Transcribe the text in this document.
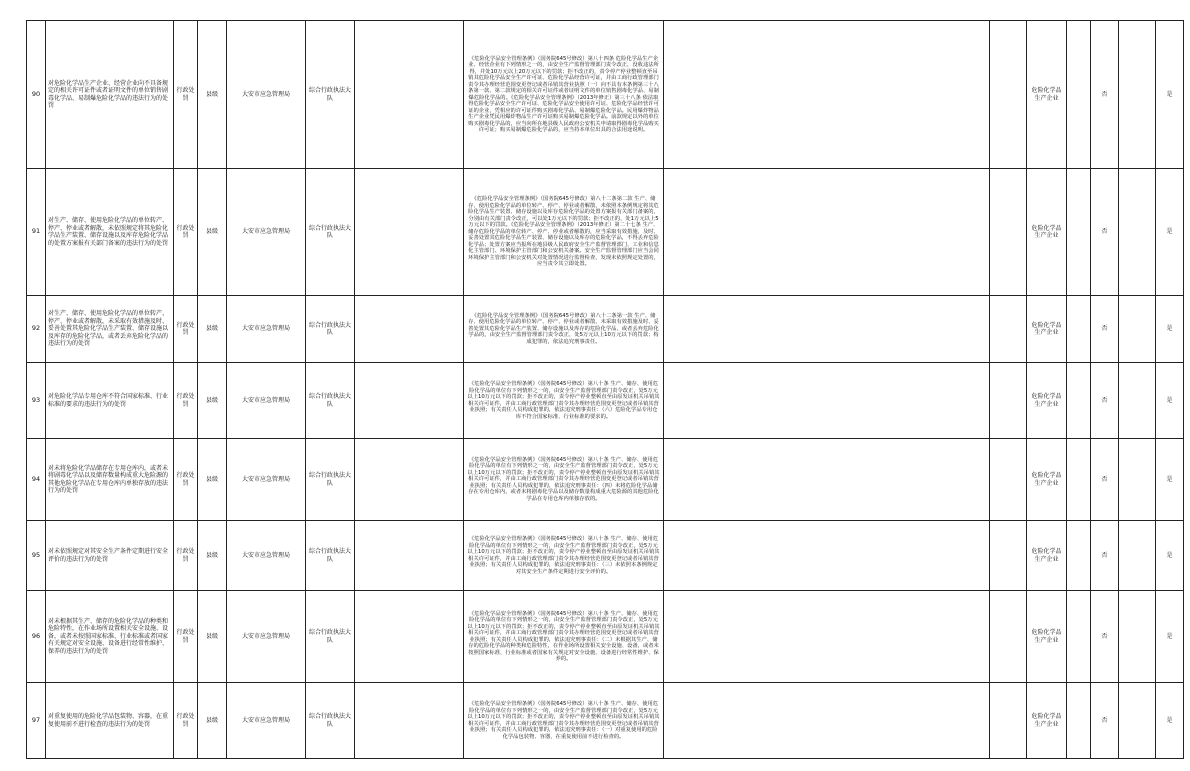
90	对危险化学品生产企业、经营企业向不具备规定的相关许可证件或者证明文件的单位销售剧毒化学品、易制爆危险化学品的违法行为的处罚	行政处罚	县级	大安市应急管理局	综合行政执法大队		《危险化学品安全管理条例》（国务院645号修改）第八十四条 危险化学品生产企业、经营企业有下列情形之一的，由安全生产监督管理部门责令改正，没收违法所得，并处10万元以上20万元以下的罚款；拒不改正的，责令停产停业整顿直至吊销其危险化学品安全生产许可证、危险化学品经营许可证，并由工商行政管理部门责令其办理经营范围变更登记或者吊销其营业执照（一）向不具有本条例第三十八条第一款、第二款规定的相关许可证件或者证明文件的单位销售剧毒化学品、易制爆危险化学品的。《危险化学品安全管理条例》（2013年修正）第三十八条 依法取得危险化学品安全生产许可证、危险化学品安全使用许可证、危险化学品经营许可证的企业，凭相应的许可证件购买剧毒化学品、易制爆危险化学品。民用爆炸物品生产企业凭民用爆炸物品生产许可证购买易制爆危险化学品。前款规定以外的单位购买剧毒化学品的，应当向所在地县级人民政府公安机关申请取得剧毒化学品购买许可证；购买易制爆危险化学品的，应当持本单位出具的合法用途说明。			危险化学品生产企业		否		是
91	对生产、储存、使用危险化学品的单位转产、停产、停业或者解散，未依照规定将其危险化学品生产装置、储存设施以及库存危险化学品的处置方案报有关部门备案的违法行为的处罚	行政处罚	县级	大安市应急管理局	综合行政执法大队		《危险化学品安全管理条例》（国务院645号修改）第八十二条第二款 生产、储存、使用危险化学品的单位转产、停产、停业或者解散，未依照本条例规定将其危险化学品生产装置、储存设施以及库存危险化学品的处置方案报有关部门备案的，分别由有关部门责令改正，可以处1万元以下的罚款；拒不改正的，处1万元以上5万元以下的罚款。《危险化学品安全管理条例》（2013年修正）第二十七条 生产、储存危险化学品的单位转产、停产、停业或者解散的，应当采取有效措施，及时、妥善处置其危险化学品生产装置、储存设施以及库存的危险化学品，不得丢弃危险化学品；处置方案应当报所在地县级人民政府安全生产监督管理部门、工业和信息化主管部门、环境保护主管部门和公安机关备案。安全生产监督管理部门应当会同环境保护主管部门和公安机关对处置情况进行监督检查，发现未依照规定处置的，应当责令其立即处置。			危险化学品生产企业		否		是
92	对生产、储存、使用危险化学品的单位转产、停产、停业或者解散，未采取有效措施及时、妥善处置其危险化学品生产装置、储存设施以及库存的危险化学品，或者丢弃危险化学品的违法行为的处罚	行政处罚	县级	大安市应急管理局	综合行政执法大队		《危险化学品安全管理条例》（国务院645号修改）第八十二条第一款 生产、储存、使用危险化学品的单位转产、停产、停业或者解散，未采取有效措施及时、妥善处置其危险化学品生产装置、储存设施以及库存的危险化学品，或者丢弃危险化学品的，由安全生产监督管理部门责令改正，处5万元以上10万元以下的罚款；构成犯罪的，依法追究刑事责任。			危险化学品生产企业		否		是
93	对危险化学品专用仓库不符合国家标准、行业标准的要求的违法行为的处罚	行政处罚	县级	大安市应急管理局	综合行政执法大队		《危险化学品安全管理条例》（国务院645号修改）第八十条 生产、储存、使用危险化学品的单位有下列情形之一的，由安全生产监督管理部门责令改正，处5万元以上10万元以下的罚款；拒不改正的，责令停产停业整顿直至由原发证机关吊销其相关许可证件，并由工商行政管理部门责令其办理经营范围变更登记或者吊销其营业执照；有关责任人员构成犯罪的，依法追究刑事责任：（六）危险化学品专用仓库不符合国家标准、行业标准的要求的。			危险化学品生产企业		否		是
94	对未将危险化学品储存在专用仓库内，或者未将剧毒化学品以及储存数量构成重大危险源的其他危险化学品在专用仓库内单独存放的违法行为的处罚	行政处罚	县级	大安市应急管理局	综合行政执法大队		《危险化学品安全管理条例》（国务院645号修改）第八十条 生产、储存、使用危险化学品的单位有下列情形之一的，由安全生产监督管理部门责令改正，处5万元以上10万元以下的罚款；拒不改正的，责令停产停业整顿直至由原发证机关吊销其相关许可证件，并由工商行政管理部门责令其办理经营范围变更登记或者吊销其营业执照；有关责任人员构成犯罪的，依法追究刑事责任：（四）未将危险化学品储存在专用仓库内，或者未将剧毒化学品以及储存数量构成重大危险源的其他危险化学品在专用仓库内单独存放的。			危险化学品生产企业		否		是
95	对未依照规定对其安全生产条件定期进行安全评价的违法行为的处罚	行政处罚	县级	大安市应急管理局	综合行政执法大队		《危险化学品安全管理条例》（国务院645号修改）第八十条 生产、储存、使用危险化学品的单位有下列情形之一的，由安全生产监督管理部门责令改正，处5万元以上10万元以下的罚款；拒不改正的，责令停产停业整顿直至由原发证机关吊销其相关许可证件，并由工商行政管理部门责令其办理经营范围变更登记或者吊销其营业执照；有关责任人员构成犯罪的，依法追究刑事责任：（三）未依照本条例规定对其安全生产条件定期进行安全评价的。			危险化学品生产企业		否		是
96	对未根据其生产、储存的危险化学品的种类和危险特性，在作业场所设置相关安全设施、设备，或者未按照国家标准、行业标准或者国家有关规定对安全设施、设备进行经常性维护、保养的违法行为的处罚	行政处罚	县级	大安市应急管理局	综合行政执法大队		《危险化学品安全管理条例》（国务院645号修改）第八十条 生产、储存、使用危险化学品的单位有下列情形之一的，由安全生产监督管理部门责令改正，处5万元以上10万元以下的罚款；拒不改正的，责令停产停业整顿直至由原发证机关吊销其相关许可证件，并由工商行政管理部门责令其办理经营范围变更登记或者吊销其营业执照；有关责任人员构成犯罪的，依法追究刑事责任：（二）未根据其生产、储存的危险化学品的种类和危险特性，在作业场所设置相关安全设施、设备，或者未按照国家标准、行业标准或者国家有关规定对安全设施、设备进行经常性维护、保养的。			危险化学品生产企业		否		是
97	对重复使用的危险化学品包装物、容器，在重复使用前不进行检查的违法行为的处罚	行政处罚	县级	大安市应急管理局	综合行政执法大队		《危险化学品安全管理条例》（国务院645号修改）第八十条 生产、储存、使用危险化学品的单位有下列情形之一的，由安全生产监督管理部门责令改正，处5万元以上10万元以下的罚款；拒不改正的，责令停产停业整顿直至由原发证机关吊销其相关许可证件，并由工商行政管理部门责令其办理经营范围变更登记或者吊销其营业执照；有关责任人员构成犯罪的，依法追究刑事责任：（一）对重复使用的危险化学品包装物、容器，在重复使用前不进行检查的。			危险化学品生产企业		否		是
